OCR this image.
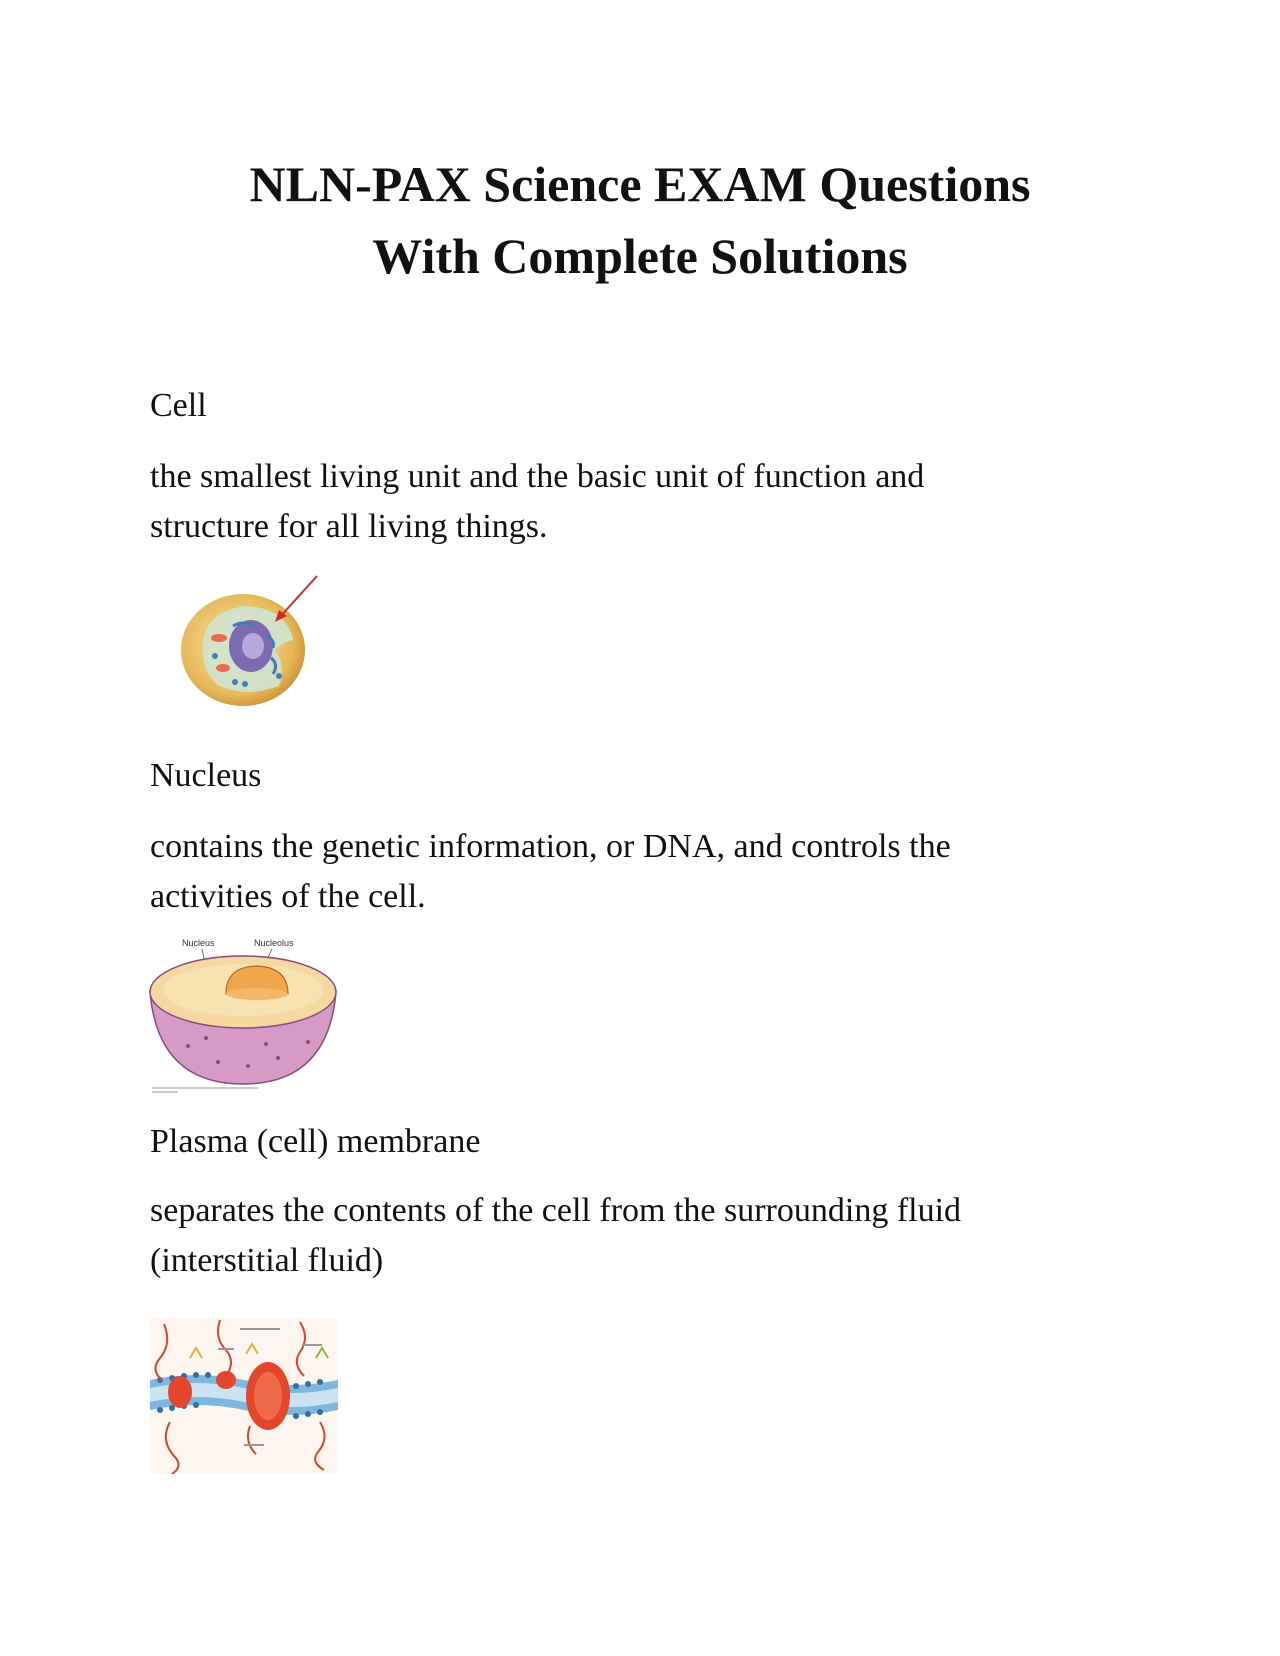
NLN-PAX Science EXAM Questions
With Complete Solutions

Cell

the smallest living unit and the basic unit of function and
structure for all living things.

Nucleus

contains the genetic information, or DNA, and controls the
activities of the cell.

Nucleus	Nucleolus

Plasma (cell) membrane

separates the contents of the cell from the surrounding fluid
(interstitial fluid)
